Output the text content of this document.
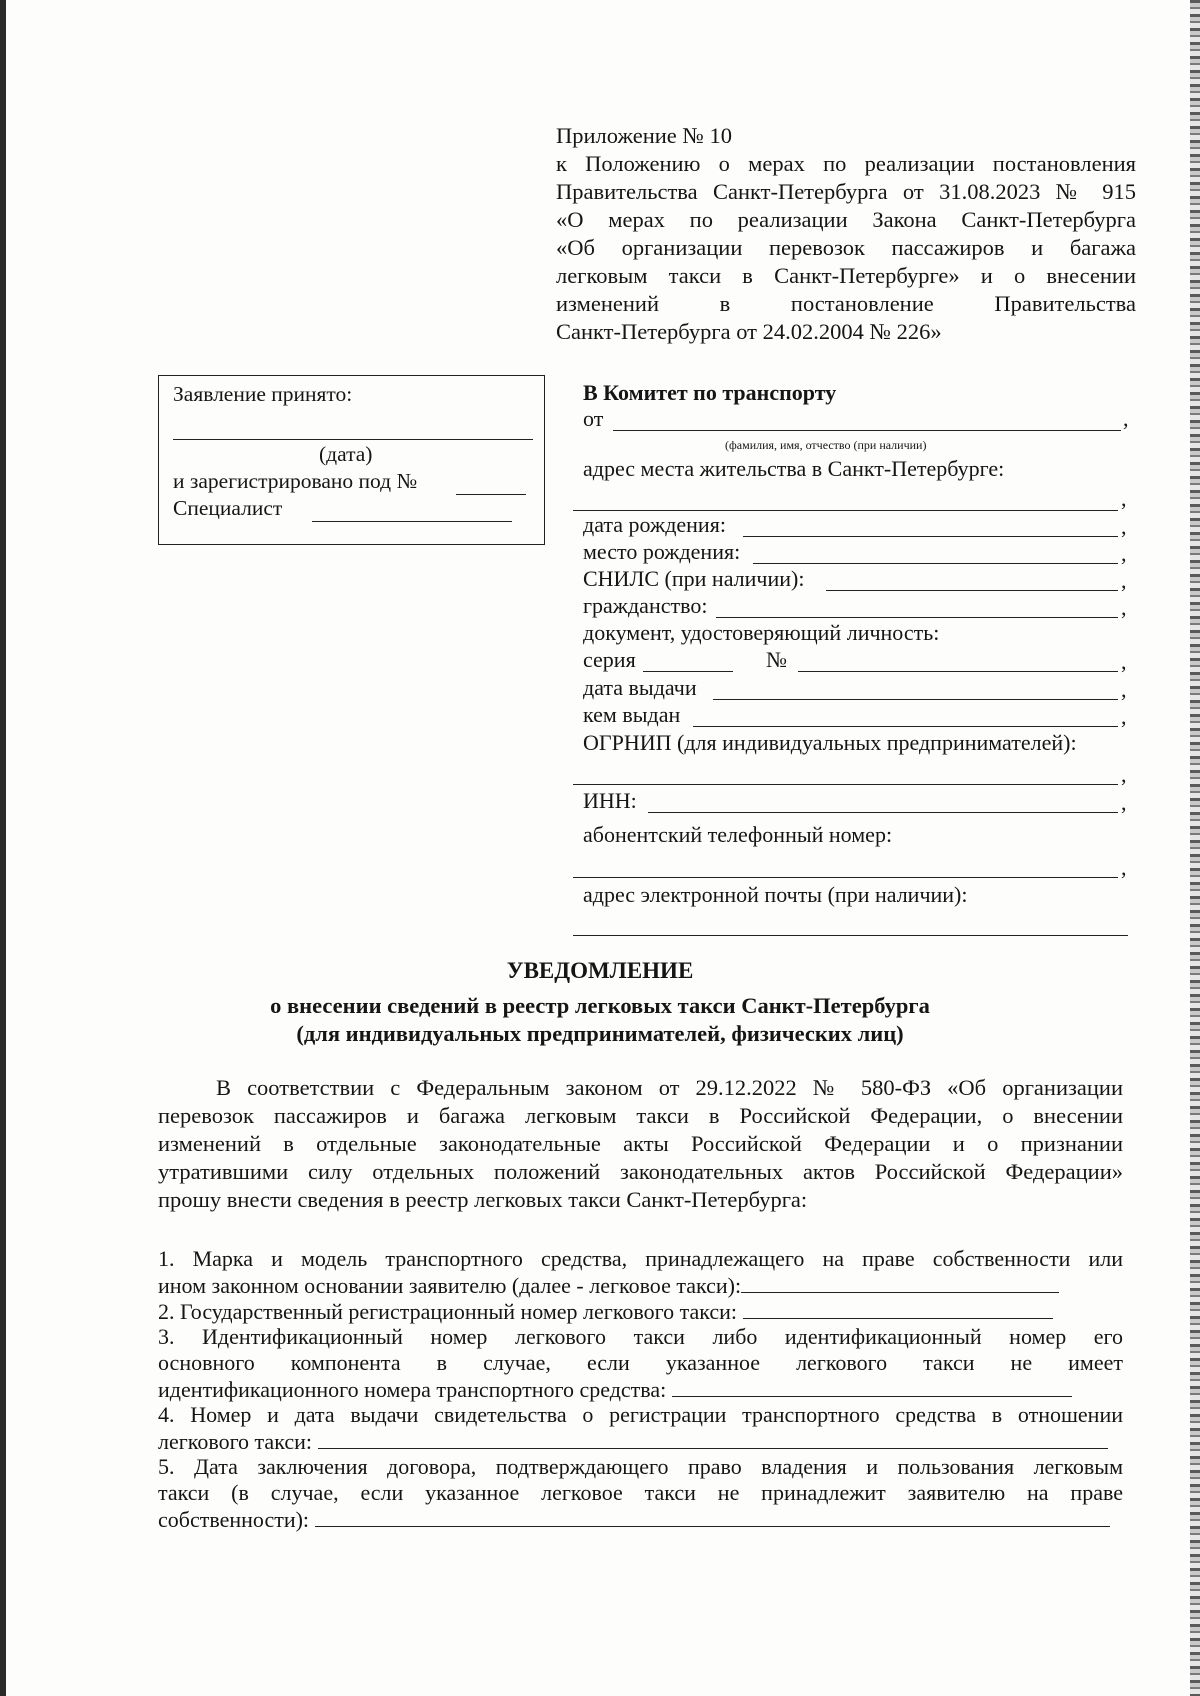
Приложение № 10
к Положению о мерах по реализации постановления
Правительства Санкт-Петербурга от 31.08.2023 № 915
«О мерах по реализации Закона Санкт-Петербурга
«Об организации перевозок пассажиров и багажа
легковым такси в Санкт-Петербурге» и о внесении
изменений в постановление Правительства
Санкт-Петербурга от 24.02.2004 № 226»
Заявление принято:
(дата)
и зарегистрировано под №
Специалист
В Комитет по транспорту
от	,
(фамилия, имя, отчество (при наличии)
адрес места жительства в Санкт-Петербурге:
,
дата рождения:	,
место рождения:	,
СНИЛС (при наличии):	,
гражданство:	,
документ, удостоверяющий личность:
серия	№	,
дата выдачи	,
кем выдан	,
ОГРНИП (для индивидуальных предпринимателей):
,
ИНН:	,
абонентский телефонный номер:
,
адрес электронной почты (при наличии):
УВЕДОМЛЕНИЕ
о внесении сведений в реестр легковых такси Санкт-Петербурга
(для индивидуальных предпринимателей, физических лиц)
В соответствии с Федеральным законом от 29.12.2022 № 580-ФЗ «Об организации
перевозок пассажиров и багажа легковым такси в Российской Федерации, о внесении
изменений в отдельные законодательные акты Российской Федерации и о признании
утратившими силу отдельных положений законодательных актов Российской Федерации»
прошу внести сведения в реестр легковых такси Санкт-Петербурга:
1. Марка и модель транспортного средства, принадлежащего на праве собственности или
ином законном основании заявителю (далее - легковое такси):
2. Государственный регистрационный номер легкового такси:
3. Идентификационный номер легкового такси либо идентификационный номер его
основного компонента в случае, если указанное легкового такси не имеет
идентификационного номера транспортного средства:
4. Номер и дата выдачи свидетельства о регистрации транспортного средства в отношении
легкового такси:
5. Дата заключения договора, подтверждающего право владения и пользования легковым
такси (в случае, если указанное легковое такси не принадлежит заявителю на праве
собственности):
